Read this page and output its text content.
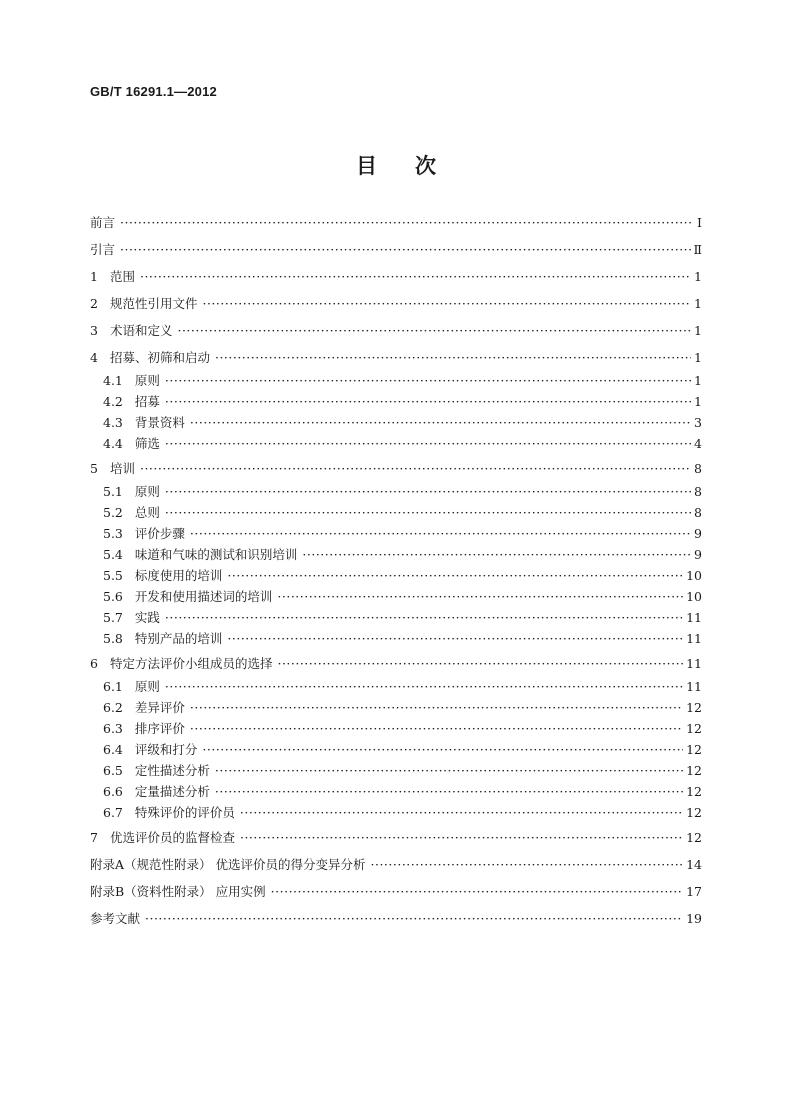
GB/T 16291.1—2012
目次
前言 ·····	Ⅰ
引言 ·····	Ⅱ
1 范围 ·····	1
2 规范性引用文件 ·····	1
3 术语和定义 ·····	1
4 招募、初筛和启动 ·····	1
4.1 原则 ·····	1
4.2 招募 ·····	1
4.3 背景资料 ·····	3
4.4 筛选 ·····	4
5 培训 ·····	8
5.1 原则 ·····	8
5.2 总则 ·····	8
5.3 评价步骤 ·····	9
5.4 味道和气味的测试和识别培训 ·····	9
5.5 标度使用的培训 ·····	10
5.6 开发和使用描述词的培训 ·····	10
5.7 实践 ·····	11
5.8 特别产品的培训 ·····	11
6 特定方法评价小组成员的选择 ·····	11
6.1 原则 ·····	11
6.2 差异评价 ·····	12
6.3 排序评价 ·····	12
6.4 评级和打分 ·····	12
6.5 定性描述分析 ·····	12
6.6 定量描述分析 ·····	12
6.7 特殊评价的评价员 ·····	12
7 优选评价员的监督检查 ·····	12
附录A（规范性附录） 优选评价员的得分变异分析 ·····	14
附录B（资料性附录） 应用实例 ·····	17
参考文献 ·····	19
